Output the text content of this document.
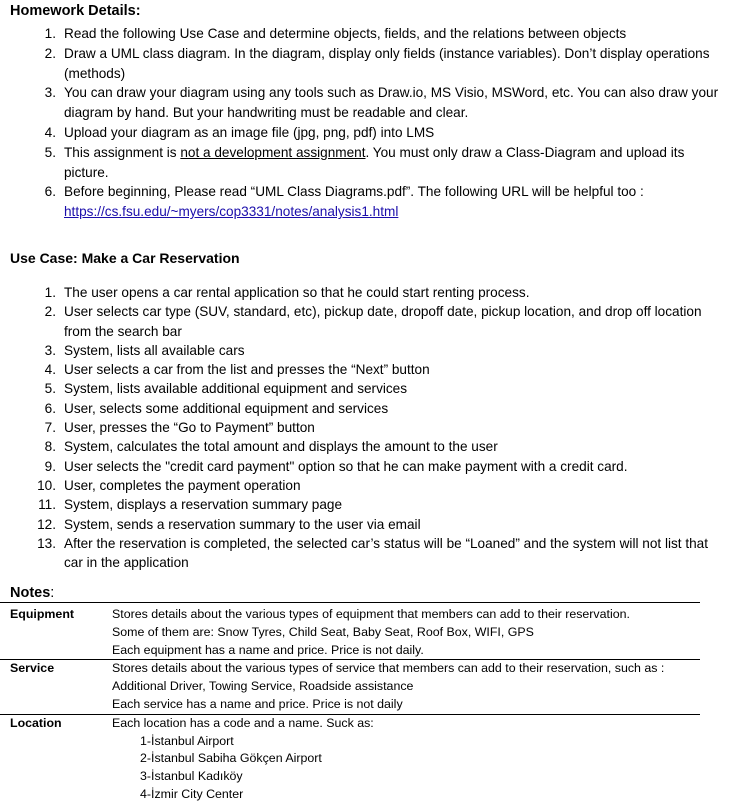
Homework Details:
1. Read the following Use Case and determine objects, fields, and the relations between objects
2. Draw a UML class diagram. In the diagram, display only fields (instance variables). Don’t display operations (methods)
3. You can draw your diagram using any tools such as Draw.io, MS Visio, MSWord, etc. You can also draw your diagram by hand. But your handwriting must be readable and clear.
4. Upload your diagram as an image file (jpg, png, pdf) into LMS
5. This assignment is not a development assignment. You must only draw a Class-Diagram and upload its picture.
6. Before beginning, Please read “UML Class Diagrams.pdf”. The following URL will be helpful too :
https://cs.fsu.edu/~myers/cop3331/notes/analysis1.html
Use Case: Make a Car Reservation
1. The user opens a car rental application so that he could start renting process.
2. User selects car type (SUV, standard, etc), pickup date, dropoff date, pickup location, and drop off location from the search bar
3. System, lists all available cars
4. User selects a car from the list and presses the “Next” button
5. System, lists available additional equipment and services
6. User, selects some additional equipment and services
7. User, presses the “Go to Payment” button
8. System, calculates the total amount and displays the amount to the user
9. User selects the "credit card payment" option so that he can make payment with a credit card.
10. User, completes the payment operation
11. System, displays a reservation summary page
12. System, sends a reservation summary to the user via email
13. After the reservation is completed, the selected car’s status will be “Loaned” and the system will not list that car in the application
Notes:
Equipment	Stores details about the various types of equipment that members can add to their reservation.
Some of them are: Snow Tyres, Child Seat, Baby Seat, Roof Box, WIFI, GPS
Each equipment has a name and price. Price is not daily.

Service	Stores details about the various types of service that members can add to their reservation, such as : Additional Driver, Towing Service, Roadside assistance
Each service has a name and price. Price is not daily

Location	Each location has a code and a name. Suck as:
1-İstanbul Airport
2-İstanbul Sabiha Gökçen Airport
3-İstanbul Kadıköy
4-İzmir City Center
